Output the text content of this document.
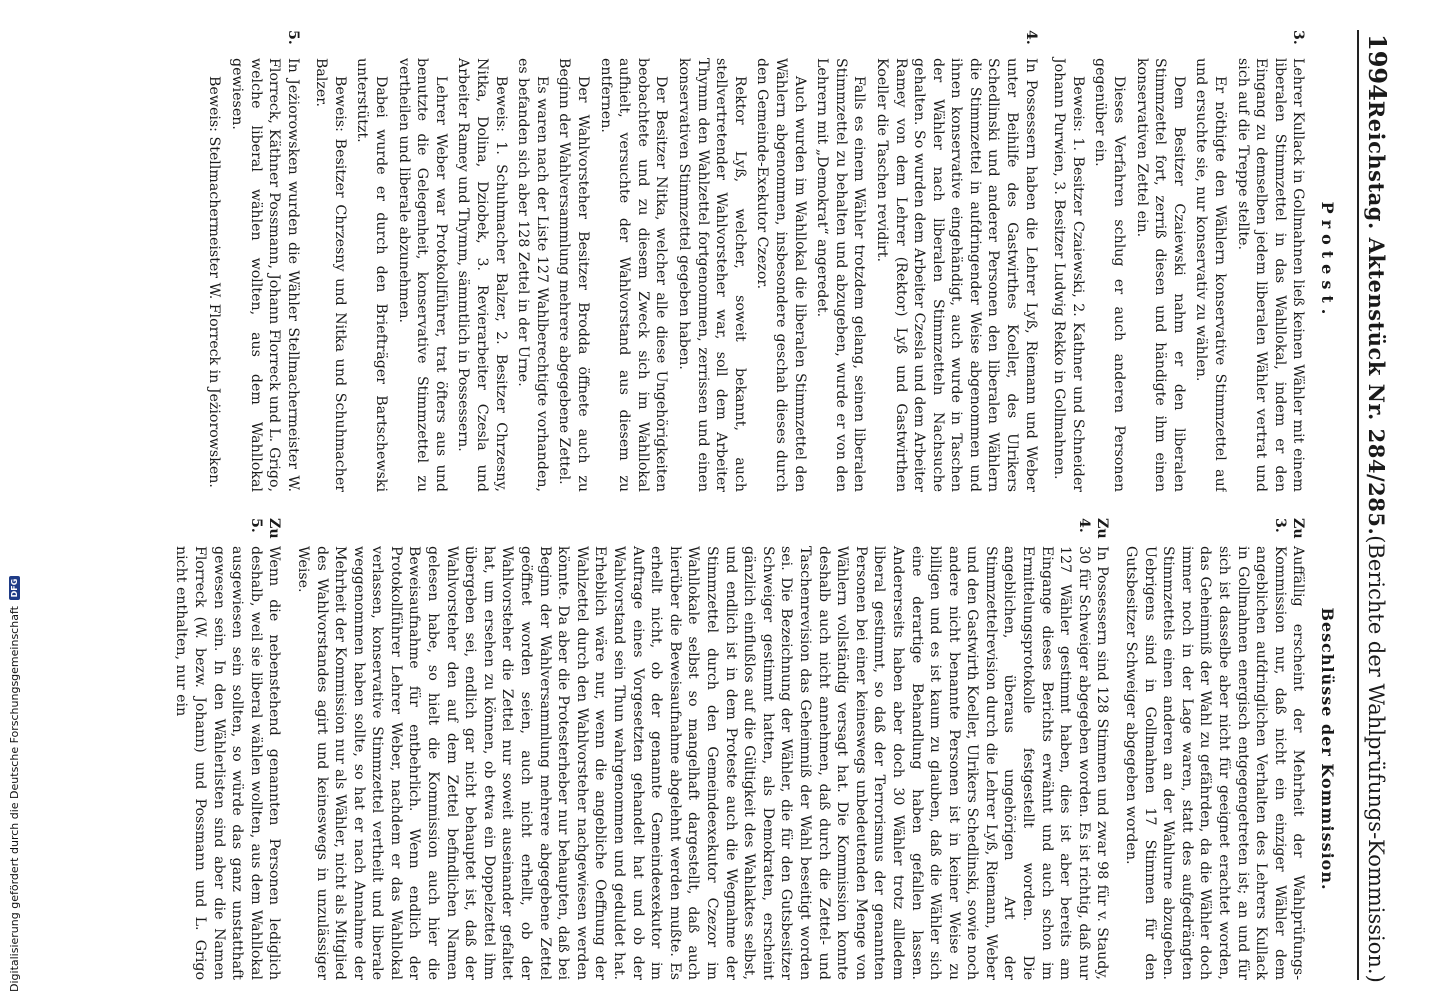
1994
Reichstag. Aktenstück Nr. 284/285.
(Berichte der Wahlprüfungs-Kommission.)
Protest.
3.

Lehrer Kullack in Gollmahnen ließ keinen Wähler mit einem liberalen Stimmzettel in das Wahllokal, indem er den Eingang zu demselben jedem liberalen Wähler vertrat und sich auf die Treppe stellte.

Er nöthigte den Wählern konservative Stimmzettel auf und ersuchte sie, nur konservativ zu wählen.

Dem Besitzer Czaiewski nahm er den liberalen Stimmzettel fort, zerriß diesen und händigte ihm einen konservativen Zettel ein.

Dieses Verfahren schlug er auch anderen Personen gegenüber ein.

Beweis: 1. Besitzer Czaiewski, 2. Kathner und Schneider Johann Purwien, 3. Besitzer Ludwig Rekko in Gollmahnen.

4.

In Possessern haben die Lehrer Lyß, Riemann und Weber unter Beihilfe des Gastwirthes Koeller, des Ulrikers Schedlinski und anderer Personen den liberalen Wählern die Stimmzettel in aufdringender Weise abgenommen und ihnen konservative eingehändigt, auch wurde in Taschen der Wähler nach liberalen Stimmzetteln Nachsuche gehalten. So wurden dem Arbeiter Czesla und dem Arbeiter Ramey von dem Lehrer (Rektor) Lyß und Gastwirthen Koeller die Taschen revidirt.

Falls es einem Wähler trotzdem gelang, seinen liberalen Stimmzettel zu behalten und abzugeben, wurde er von den Lehrern mit „Demokrat“ angeredet.

Auch wurden im Wahllokal die liberalen Stimmzettel den Wählern abgenommen, insbesondere geschah dieses durch den Gemeinde-Exekutor Czezor.

Rektor Lyß, welcher, soweit bekannt, auch stellvertretender Wahlvorsteher war, soll dem Arbeiter Thymm den Wahlzettel fortgenommen, zerrissen und einen konservativen Stimmzettel gegeben haben.

Der Besitzer Nitka, welcher alle diese Ungehörigkeiten beobachtete und zu diesem Zweck sich im Wahllokal aufhielt, versuchte der Wahlvorstand aus diesem zu entfernen.

Der Wahlvorsteher Besitzer Brodda öffnete auch zu Beginn der Wahlversammlung mehrere abgegebene Zettel.

Es waren nach der Liste 127 Wahlberechtigte vorhanden, es befanden sich aber 128 Zettel in der Urne.

Beweis: 1. Schuhmacher Balzer, 2. Besitzer Chrzesny, Nitka, Dolina, Dziobek, 3. Revierarbeiter Czesla und Arbeiter Ramey und Thymm, sämmtlich in Possessern.

Lehrer Weber war Protokollführer, trat öfters aus und benutzte die Gelegenheit, konservative Stimmzettel zu vertheilen und liberale abzunehmen.

Dabei wurde er durch den Briefträger Bartschewski unterstützt.

Beweis: Besitzer Chrzesny und Nitka und Schuhmacher Balzer.

5.

In Jeżiorowsken wurden die Wähler Stellmachermeister W. Florreck, Käthner Possmann, Johann Florreck und L. Grigo, welche liberal wählen wollten, aus dem Wahllokal gewiesen.

Beweis: Stellmachermeister W. Florreck in Jeżiorowsken.

Beschlüsse der Kommission.
Zu 3.

Auffällig erscheint der Mehrheit der Wahlprüfungs-Kommission nur, daß nicht ein einziger Wähler dem angeblichen aufdringlichen Verhalten des Lehrers Kullack in Gollmahnen energisch entgegengetreten ist; an und für sich ist dasselbe aber nicht für geeignet erachtet worden, das Geheimniß der Wahl zu gefährden, da die Wähler doch immer noch in der Lage waren, statt des aufgedrängten Stimmzettels einen anderen an der Wahlurne abzugeben. Uebrigens sind in Gollmahnen 17 Stimmen für den Gutsbesitzer Schweiger abgegeben worden.

Zu 4.

In Possessern sind 128 Stimmen und zwar 98 für v. Staudy, 30 für Schweiger abgegeben worden. Es ist richtig, daß nur 127 Wähler gestimmt haben, dies ist aber bereits am Eingange dieses Berichts erwähnt und auch schon im Ermittelungsprotokolle festgestellt worden. Die angeblichen, überaus ungehörigen Art der Stimmzettelrevision durch die Lehrer Lyß, Riemann, Weber und den Gastwirth Koeller, Ulrikers Schedlinski, sowie noch andere nicht benannte Personen ist in keiner Weise zu billigen und es ist kaum zu glauben, daß die Wähler sich eine derartige Behandlung haben gefallen lassen. Andererseits haben aber doch 30 Wähler trotz allledem liberal gestimmt, so daß der Terrorismus der genannten Personen bei einer keineswegs unbedeutenden Menge von Wählern vollständig versagt hat. Die Kommission konnte deshalb auch nicht annehmen, daß durch die Zettel- und Taschenrevision das Geheimniß der Wahl beseitigt worden sei. Die Bezeichnung der Wähler, die für den Gutsbesitzer Schweiger gestimmt hatten, als Demokraten, erscheint gänzlich einflußlos auf die Gültigkeit des Wahlaktes selbst, und endlich ist in dem Proteste auch die Wegnahme der Stimmzettel durch den Gemeindeexekutor Czezor im Wahllokale selbst so mangelhaft dargestellt, daß auch hierüber die Beweisaufnahme abgelehnt werden mußte. Es erhellt nicht, ob der genannte Gemeindeexekutor im Auftrage eines Vorgesetzten gehandelt hat und ob der Wahlvorstand sein Thun wahrgenommen und geduldet hat. Erheblich wäre nur, wenn die angebliche Oeffnung der Wahlzettel durch den Wahlvorsteher nachgewiesen werden könnte. Da aber die Protesterheber nur behaupten, daß bei Beginn der Wahlversammlung mehrere abgegebene Zettel geöffnet worden seien, auch nicht erhellt, ob der Wahlvorsteher die Zettel nur soweit auseinander gefaltet hat, um ersehen zu können, ob etwa ein Doppelzettel ihm übergeben sei, endlich gar nicht behauptet ist, daß der Wahlvorsteher den auf dem Zettel befindlichen Namen gelesen habe, so hielt die Kommission auch hier die Beweisaufnahme für entbehrlich. Wenn endlich der Protokollführer Lehrer Weber, nachdem er das Wahllokal verlassen, konservative Stimmzettel vertheilt und liberale weggenommen haben sollte, so hat er nach Annahme der Mehrheit der Kommission nur als Wähler, nicht als Mitglied des Wahlvorstandes agirt und keineswegs in unzulässiger Weise.

Zu 5.

Wenn die nebenstehend genannten Personen lediglich deshalb, weil sie liberal wählen wollten, aus dem Wahllokal ausgewiesen sein sollten, so würde das ganz unstatthaft gewesen sein. In den Wählerlisten sind aber die Namen Florreck (W. bezw. Johann) und Possmann und L. Grigo nicht enthalten, nur ein

Digitalisierung gefördert durch die Deutsche Forschungsgemeinschaft
DFG
